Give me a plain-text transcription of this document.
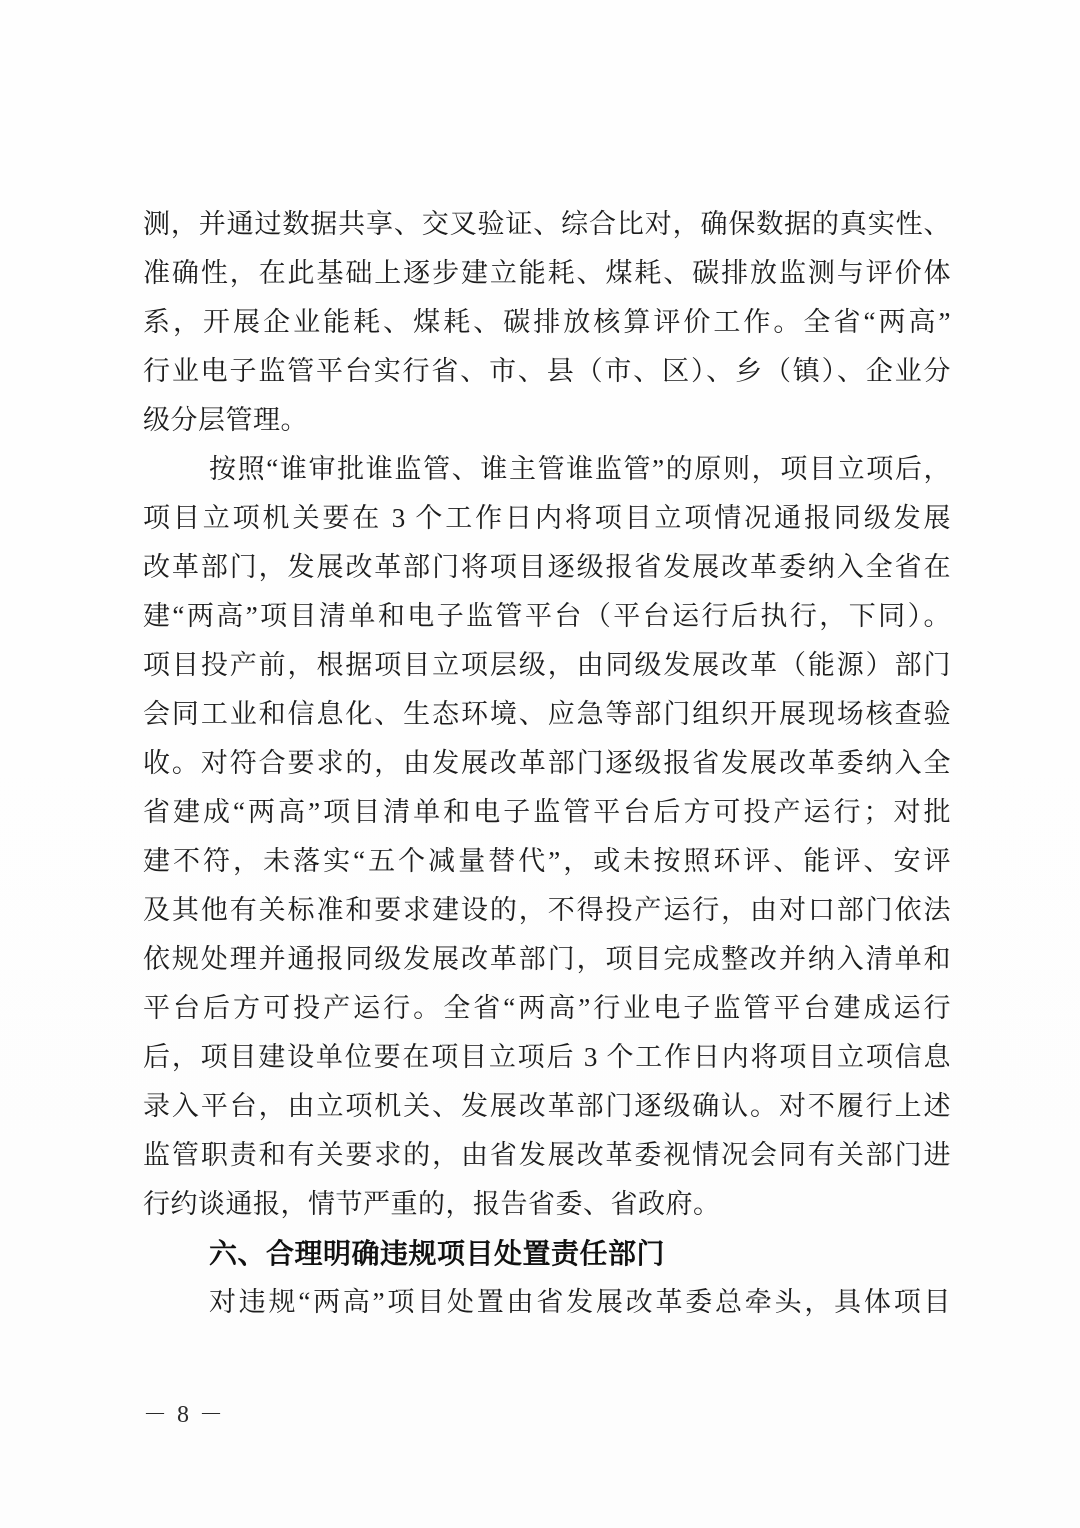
测，并通过数据共享、交叉验证、综合比对，确保数据的真实性、
准确性，在此基础上逐步建立能耗、煤耗、碳排放监测与评价体
系，开展企业能耗、煤耗、碳排放核算评价工作。全省“两高”
行业电子监管平台实行省、市、县（市、区）、乡（镇）、企业分
级分层管理。
按照“谁审批谁监管、谁主管谁监管”的原则，项目立项后，
项目立项机关要在 3 个工作日内将项目立项情况通报同级发展
改革部门，发展改革部门将项目逐级报省发展改革委纳入全省在
建“两高”项目清单和电子监管平台（平台运行后执行，下同）。
项目投产前，根据项目立项层级，由同级发展改革（能源）部门
会同工业和信息化、生态环境、应急等部门组织开展现场核查验
收。对符合要求的，由发展改革部门逐级报省发展改革委纳入全
省建成“两高”项目清单和电子监管平台后方可投产运行；对批
建不符，未落实“五个减量替代”，或未按照环评、能评、安评
及其他有关标准和要求建设的，不得投产运行，由对口部门依法
依规处理并通报同级发展改革部门，项目完成整改并纳入清单和
平台后方可投产运行。全省“两高”行业电子监管平台建成运行
后，项目建设单位要在项目立项后 3 个工作日内将项目立项信息
录入平台，由立项机关、发展改革部门逐级确认。对不履行上述
监管职责和有关要求的，由省发展改革委视情况会同有关部门进
行约谈通报，情节严重的，报告省委、省政府。
六、合理明确违规项目处置责任部门
对违规“两高”项目处置由省发展改革委总牵头，具体项目
－ 8 －
